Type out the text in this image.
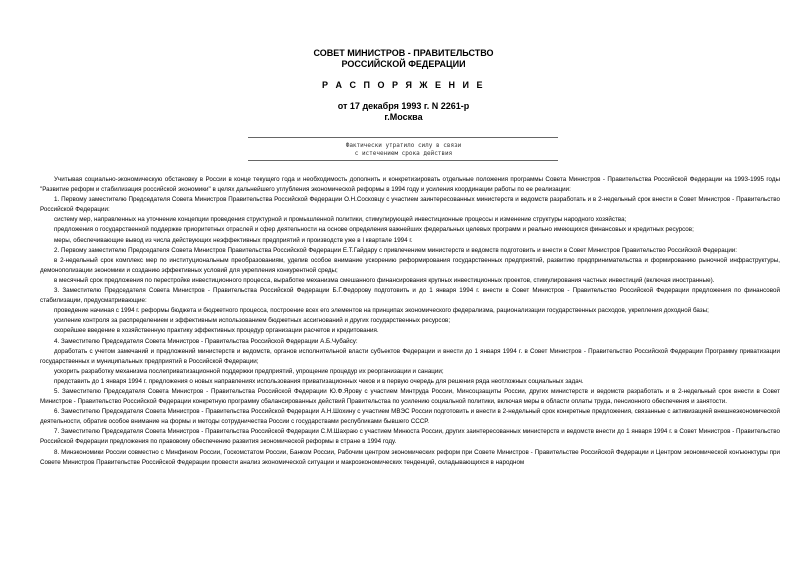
СОВЕТ МИНИСТРОВ - ПРАВИТЕЛЬСТВО
РОССИЙСКОЙ ФЕДЕРАЦИИ
Р А С П О Р Я Ж Е Н И Е
от 17 декабря 1993 г. N 2261-р
г.Москва
Фактически утратило силу в связи
с истечением срока действия

Учитывая социально-экономическую обстановку в России в конце текущего года и необходимость дополнить и конкретизировать отдельные положения программы Совета Министров - Правительства Российской Федерации на 1993-1995 годы "Развитие реформ и стабилизация российской экономики" в целях дальнейшего углубления экономической реформы в 1994 году и усиления координации работы по ее реализации:

1. Первому заместителю Председателя Совета Министров Правительства Российской Федерации О.Н.Сосковцу с участием заинтересованных министерств и ведомств разработать и в 2-недельный срок внести в Совет Министров - Правительство Российской Федерации:

систему мер, направленных на уточнение концепции проведения структурной и промышленной политики, стимулирующей инвестиционные процессы и изменение структуры народного хозяйства;

предложения о государственной поддержке приоритетных отраслей и сфер деятельности на основе определения важнейших федеральных целевых программ и реально имеющихся финансовых и кредитных ресурсов;

меры, обеспечивающие вывод из числа действующих неэффективных предприятий и производств уже в I квартале 1994 г.

2. Первому заместителю Председателя Совета Министров Правительства Российской Федерации Е.Т.Гайдару с привлечением министерств и ведомств подготовить и внести в Совет Министров Правительство Российской Федерации:

в 2-недельный срок комплекс мер по институциональным преобразованиям, уделив особое внимание ускорению реформирования государственных предприятий, развитию предпринимательства и формированию рыночной инфраструктуры, демонополизации экономики и созданию эффективных условий для укрепления конкурентной среды;

в месячный срок предложения по перестройке инвестиционного процесса, выработке механизма смешанного финансирования крупных инвестиционных проектов, стимулирования частных инвестиций (включая иностранные).

3. Заместителю Председателя Совета Министров - Правительства Российской Федерации Б.Г.Федорову подготовить и до 1 января 1994 г. внести в Совет Министров - Правительство Российской Федерации предложения по финансовой стабилизации, предусматривающие:

проведение начиная с 1994 г. реформы бюджета и бюджетного процесса, построение всех его элементов на принципах экономического федерализма, рационализации государственных расходов, укрепления доходной базы;

усиление контроля за распределением и эффективным использованием бюджетных ассигнований и других государственных ресурсов;

скорейшее введение в хозяйственную практику эффективных процедур организации расчетов и кредитования.

4. Заместителю Председателя Совета Министров - Правительства Российской Федерации А.Б.Чубайсу:

доработать с учетом замечаний и предложений министерств и ведомств, органов исполнительной власти субъектов Федерации и внести до 1 января 1994 г. в Совет Министров - Правительство Российской Федерации Программу приватизации государственных и муниципальных предприятий в Российской Федерации;

ускорить разработку механизма послеприватизационной поддержки предприятий, упрощение процедур их реорганизации и санации;

представить до 1 января 1994 г. предложения о новых направлениях использования приватизационных чеков и в первую очередь для решения ряда неотложных социальных задач.

5. Заместителю Председателя Совета Министров - Правительства Российской Федерации Ю.Ф.Ярову с участием Минтруда России, Минсоцзащиты России, других министерств и ведомств разработать и в 2-недельный срок внести в Совет Министров - Правительство Российской Федерации конкретную программу сбалансированных действий Правительства по усилению социальной политики, включая меры в области оплаты труда, пенсионного обеспечения и занятости.

6. Заместителю Председателя Совета Министров - Правительства Российской Федерации А.Н.Шохину с участием МВЭС России подготовить и внести в 2-недельный срок конкретные предложения, связанные с активизацией внешнеэкономической деятельности, обратив особое внимание на формы и методы сотрудничества России с государствами республиками бывшего СССР.

7. Заместителю Председателя Совета Министров - Правительства Российской Федерации С.М.Шахраю с участием Минюста России, других заинтересованных министерств и ведомств внести до 1 января 1994 г. в Совет Министров - Правительство Российской Федерации предложения по правовому обеспечению развития экономической реформы в стране в 1994 году.

8. Минэкономики России совместно с Минфином России, Госкомстатом России, Банком России, Рабочим центром экономических реформ при Совете Министров - Правительстве Российской Федерации и Центром экономической конъюнктуры при Совете Министров Правительстве Российской Федерации провести анализ экономической ситуации и макроэкономических тенденций, складывающихся в народном
